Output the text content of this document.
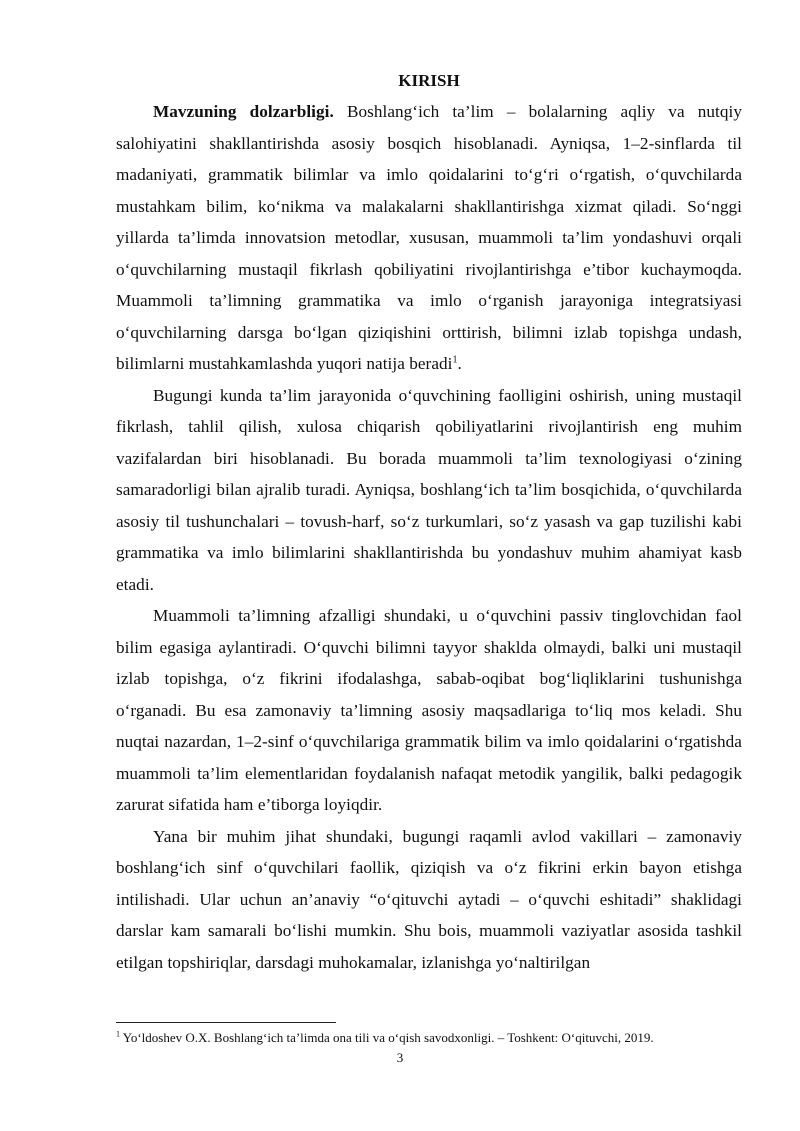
KIRISH

Mavzuning dolzarbligi. Boshlang‘ich ta’lim – bolalarning aqliy va nutqiy salohiyatini shakllantirishda asosiy bosqich hisoblanadi. Ayniqsa, 1–2-sinflarda til madaniyati, grammatik bilimlar va imlo qoidalarini to‘g‘ri o‘rgatish, o‘quvchilarda mustahkam bilim, ko‘nikma va malakalarni shakllantirishga xizmat qiladi. So‘nggi yillarda ta’limda innovatsion metodlar, xususan, muammoli ta’lim yondashuvi orqali o‘quvchilarning mustaqil fikrlash qobiliyatini rivojlantirishga e’tibor kuchaymoqda. Muammoli ta’limning grammatika va imlo o‘rganish jarayoniga integratsiyasi o‘quvchilarning darsga bo‘lgan qiziqishini orttirish, bilimni izlab topishga undash, bilimlarni mustahkamlashda yuqori natija beradi$^1$.

Bugungi kunda ta’lim jarayonida o‘quvchining faolligini oshirish, uning mustaqil fikrlash, tahlil qilish, xulosa chiqarish qobiliyatlarini rivojlantirish eng muhim vazifalardan biri hisoblanadi. Bu borada muammoli ta’lim texnologiyasi o‘zining samaradorligi bilan ajralib turadi. Ayniqsa, boshlang‘ich ta’lim bosqichida, o‘quvchilarda asosiy til tushunchalari – tovush-harf, so‘z turkumlari, so‘z yasash va gap tuzilishi kabi grammatika va imlo bilimlarini shakllantirishda bu yondashuv muhim ahamiyat kasb etadi.

Muammoli ta’limning afzalligi shundaki, u o‘quvchini passiv tinglovchidan faol bilim egasiga aylantiradi. O‘quvchi bilimni tayyor shaklda olmaydi, balki uni mustaqil izlab topishga, o‘z fikrini ifodalashga, sabab-oqibat bog‘liqliklarini tushunishga o‘rganadi. Bu esa zamonaviy ta’limning asosiy maqsadlariga to‘liq mos keladi. Shu nuqtai nazardan, 1–2-sinf o‘quvchilariga grammatik bilim va imlo qoidalarini o‘rgatishda muammoli ta’lim elementlaridan foydalanish nafaqat metodik yangilik, balki pedagogik zarurat sifatida ham e’tiborga loyiqdir.

Yana bir muhim jihat shundaki, bugungi raqamli avlod vakillari – zamonaviy boshlang‘ich sinf o‘quvchilari faollik, qiziqish va o‘z fikrini erkin bayon etishga intilishadi. Ular uchun an’anaviy “o‘qituvchi aytadi – o‘quvchi eshitadi” shaklidagi darslar kam samarali bo‘lishi mumkin. Shu bois, muammoli vaziyatlar asosida tashkil etilgan topshiriqlar, darsdagi muhokamalar, izlanishga yo‘naltirilgan

$^1$ Yo‘ldoshev O.X. Boshlang‘ich ta’limda ona tili va o‘qish savodxonligi. – Toshkent: O‘qituvchi, 2019.
3
